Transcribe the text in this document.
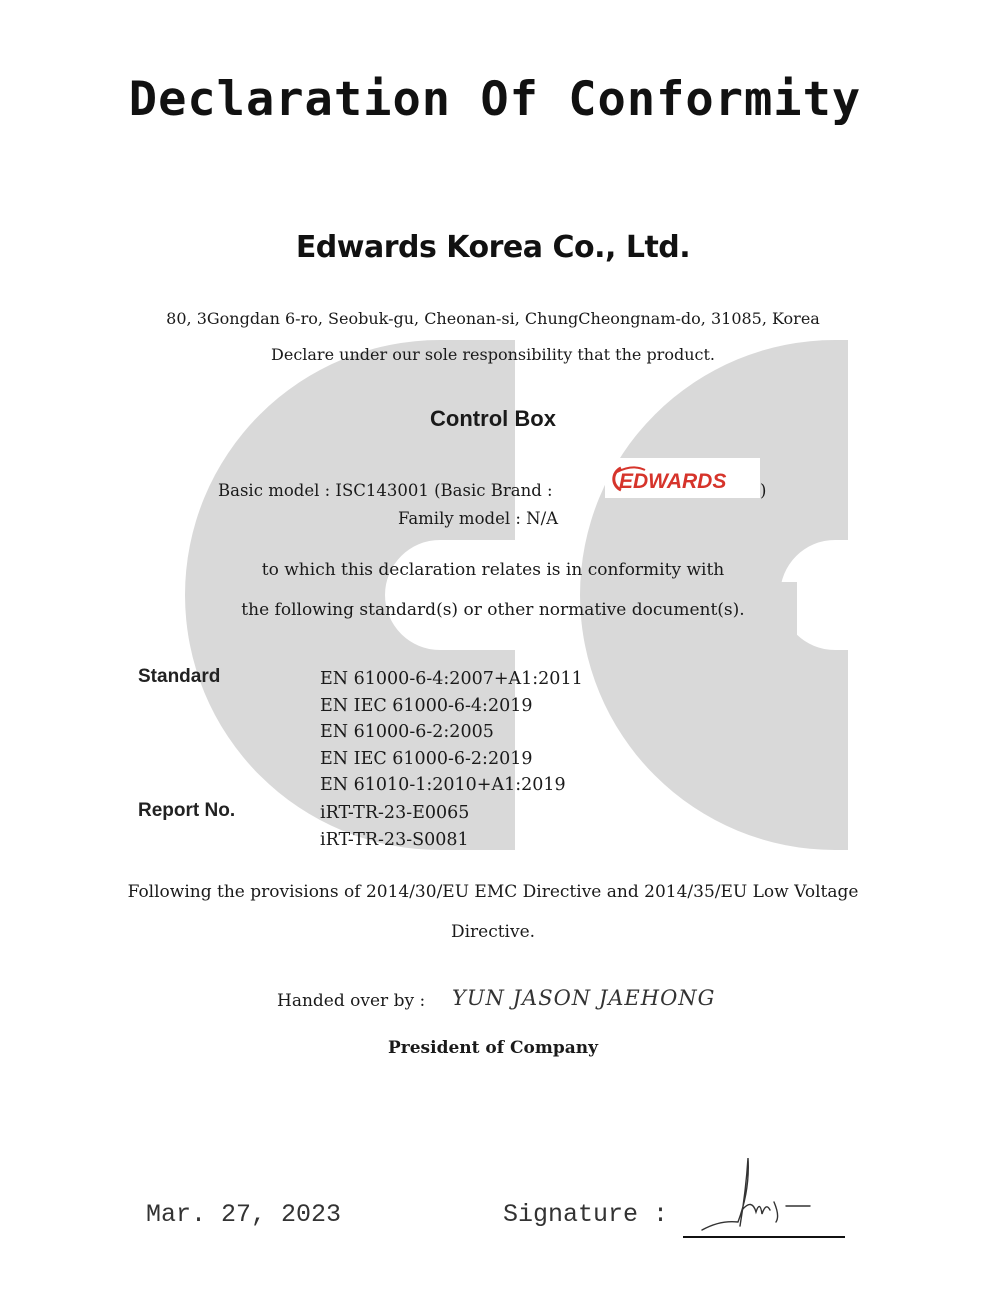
Declaration Of Conformity
Edwards Korea Co., Ltd.
80, 3Gongdan 6-ro, Seobuk-gu, Cheonan-si, ChungCheongnam-do, 31085, Korea
Declare under our sole responsibility that the product.
Control Box
Basic model : ISC143001 (Basic Brand :	EDWARDS )
Family model : N/A
to which this declaration relates is in conformity with
the following standard(s) or other normative document(s).
Standard	EN 61000-6-4:2007+A1:2011
EN IEC 61000-6-4:2019
EN 61000-6-2:2005
EN IEC 61000-6-2:2019
EN 61010-1:2010+A1:2019
Report No.	iRT-TR-23-E0065
iRT-TR-23-S0081
Following the provisions of 2014/30/EU EMC Directive and 2014/35/EU Low Voltage
Directive.
Handed over by : YUN JASON JAEHONG
President of Company
Mar. 27, 2023	Signature :
